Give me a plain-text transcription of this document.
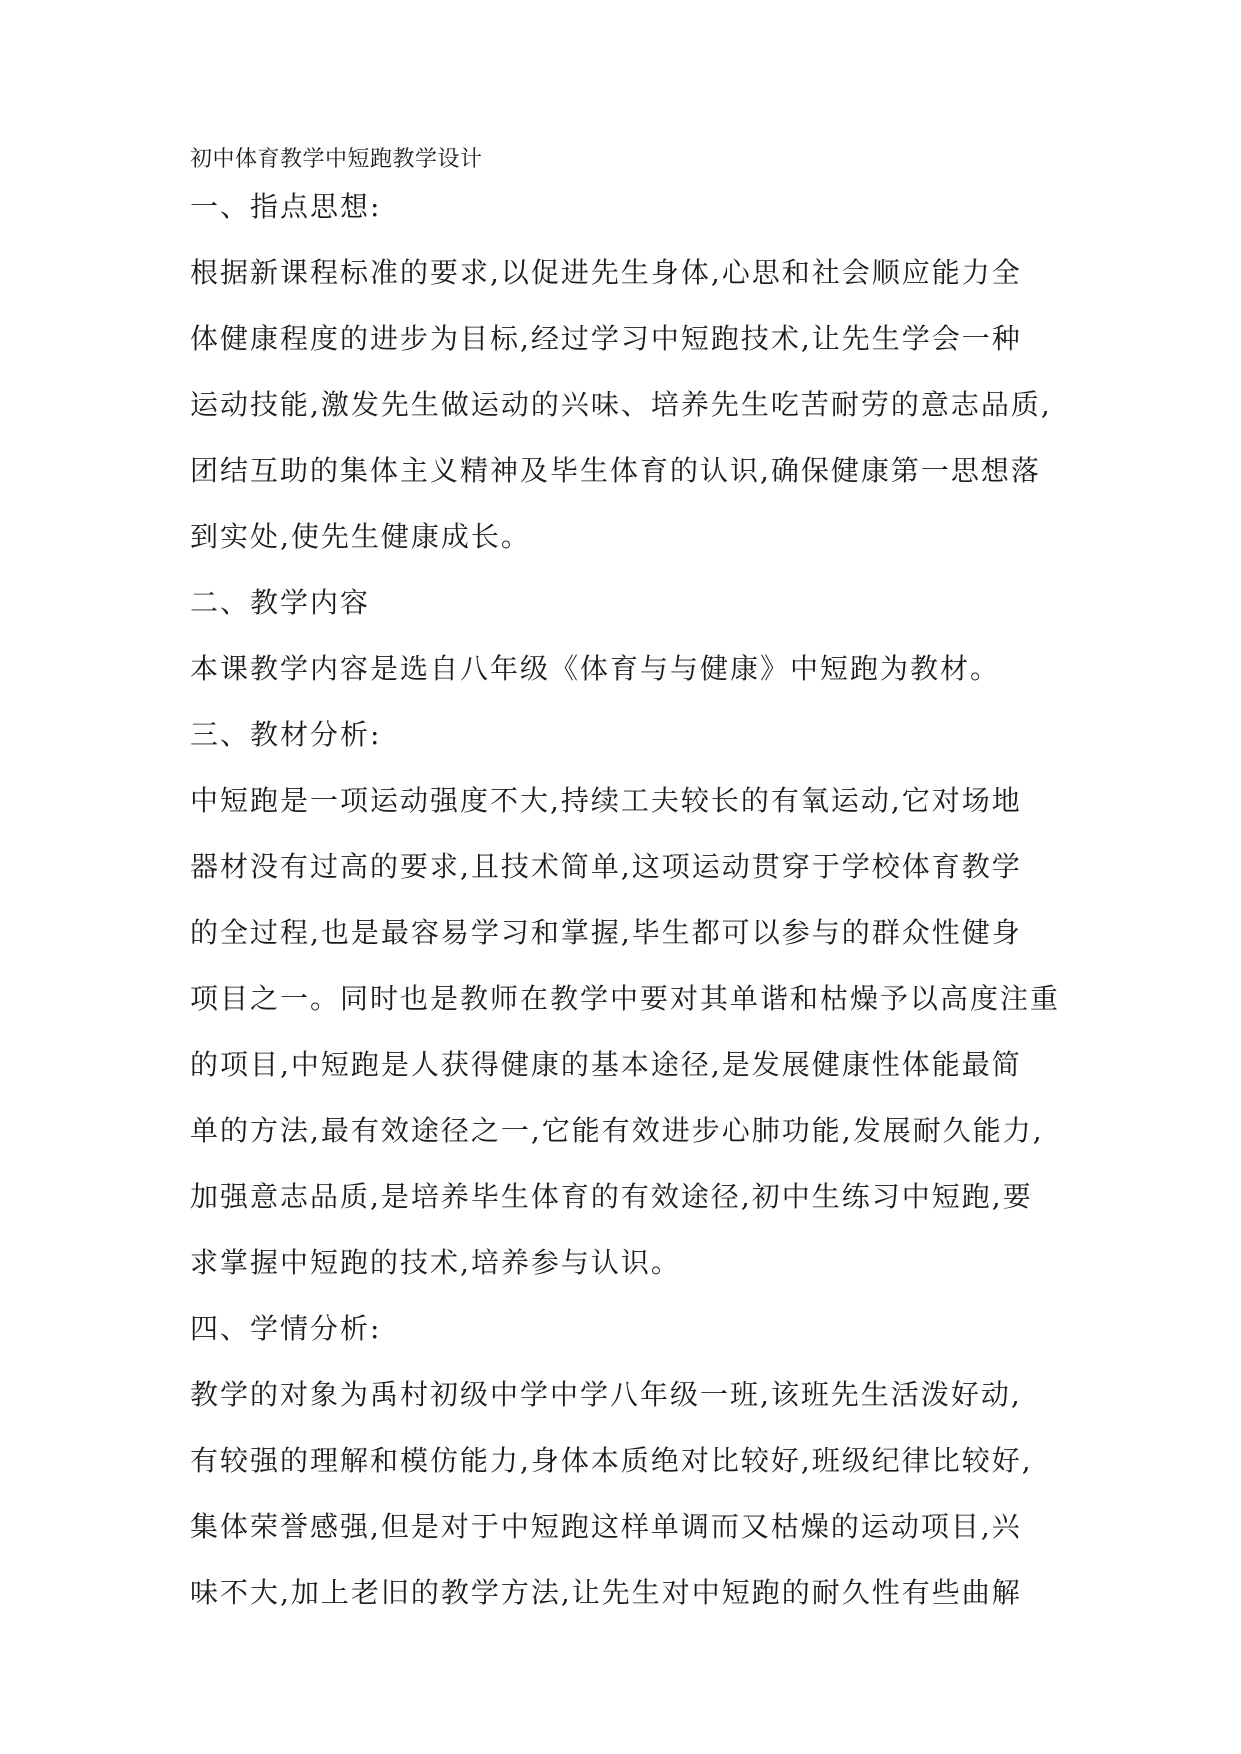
初中体育教学中短跑教学设计

一、指点思想:

根据新课程标准的要求,以促进先生身体,心思和社会顺应能力全

体健康程度的进步为目标,经过学习中短跑技术,让先生学会一种

运动技能,激发先生做运动的兴味、培养先生吃苦耐劳的意志品质,

团结互助的集体主义精神及毕生体育的认识,确保健康第一思想落

到实处,使先生健康成长。

二、教学内容

本课教学内容是选自八年级《体育与与健康》中短跑为教材。

三、教材分析:

中短跑是一项运动强度不大,持续工夫较长的有氧运动,它对场地

器材没有过高的要求,且技术简单,这项运动贯穿于学校体育教学

的全过程,也是最容易学习和掌握,毕生都可以参与的群众性健身

项目之一。同时也是教师在教学中要对其单谐和枯燥予以高度注重

的项目,中短跑是人获得健康的基本途径,是发展健康性体能最简

单的方法,最有效途径之一,它能有效进步心肺功能,发展耐久能力,

加强意志品质,是培养毕生体育的有效途径,初中生练习中短跑,要

求掌握中短跑的技术,培养参与认识。

四、学情分析:

教学的对象为禹村初级中学中学八年级一班,该班先生活泼好动,

有较强的理解和模仿能力,身体本质绝对比较好,班级纪律比较好,

集体荣誉感强,但是对于中短跑这样单调而又枯燥的运动项目,兴

味不大,加上老旧的教学方法,让先生对中短跑的耐久性有些曲解
